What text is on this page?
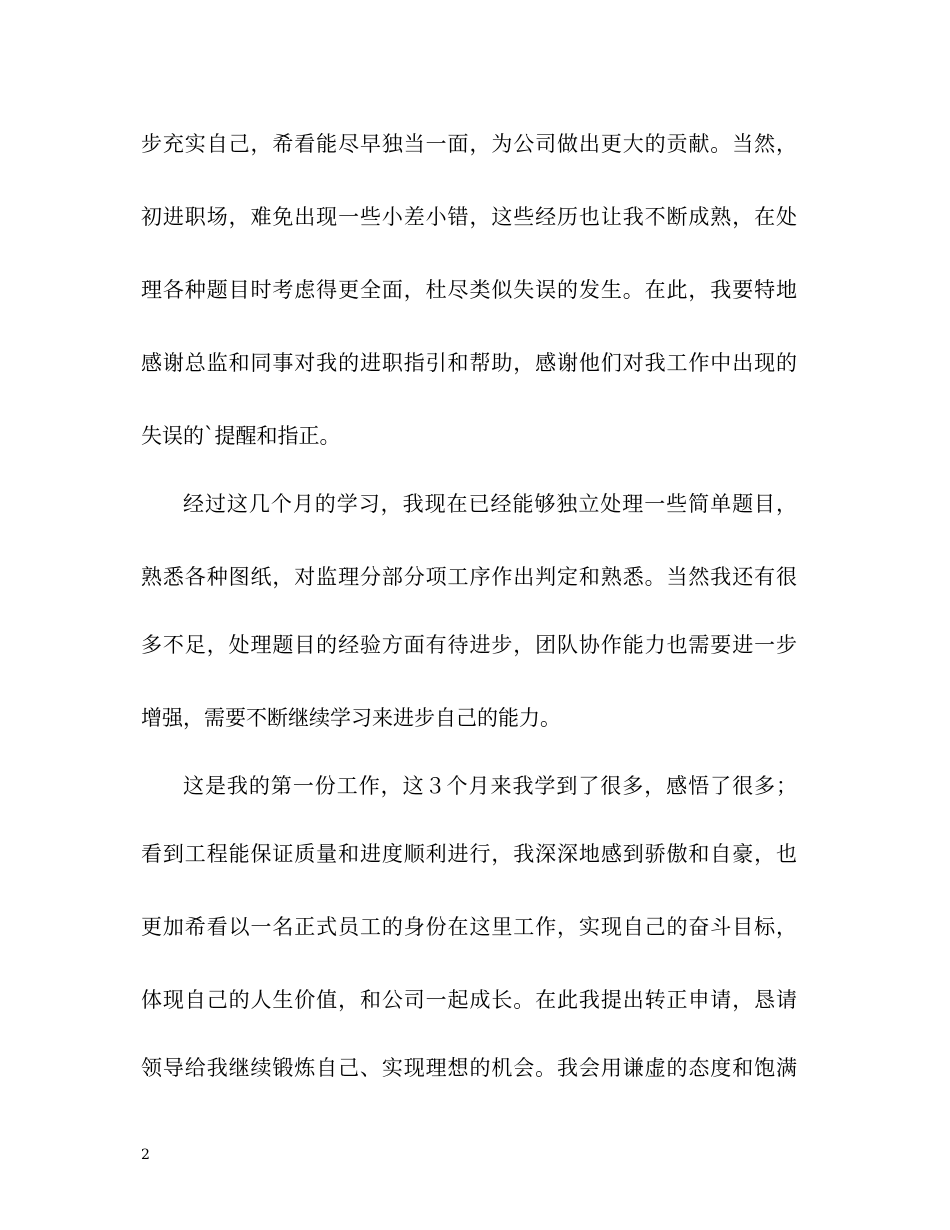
步充实自己，希看能尽早独当一面，为公司做出更大的贡献。当然，
初进职场，难免出现一些小差小错，这些经历也让我不断成熟，在处
理各种题目时考虑得更全面，杜尽类似失误的发生。在此，我要特地
感谢总监和同事对我的进职指引和帮助，感谢他们对我工作中出现的
失误的`提醒和指正。
经过这几个月的学习，我现在已经能够独立处理一些简单题目，
熟悉各种图纸，对监理分部分项工序作出判定和熟悉。当然我还有很
多不足，处理题目的经验方面有待进步，团队协作能力也需要进一步
增强，需要不断继续学习来进步自己的能力。
这是我的第一份工作，这３个月来我学到了很多，感悟了很多；
看到工程能保证质量和进度顺利进行，我深深地感到骄傲和自豪，也
更加希看以一名正式员工的身份在这里工作，实现自己的奋斗目标，
体现自己的人生价值，和公司一起成长。在此我提出转正申请，恳请
领导给我继续锻炼自己、实现理想的机会。我会用谦虚的态度和饱满
2
